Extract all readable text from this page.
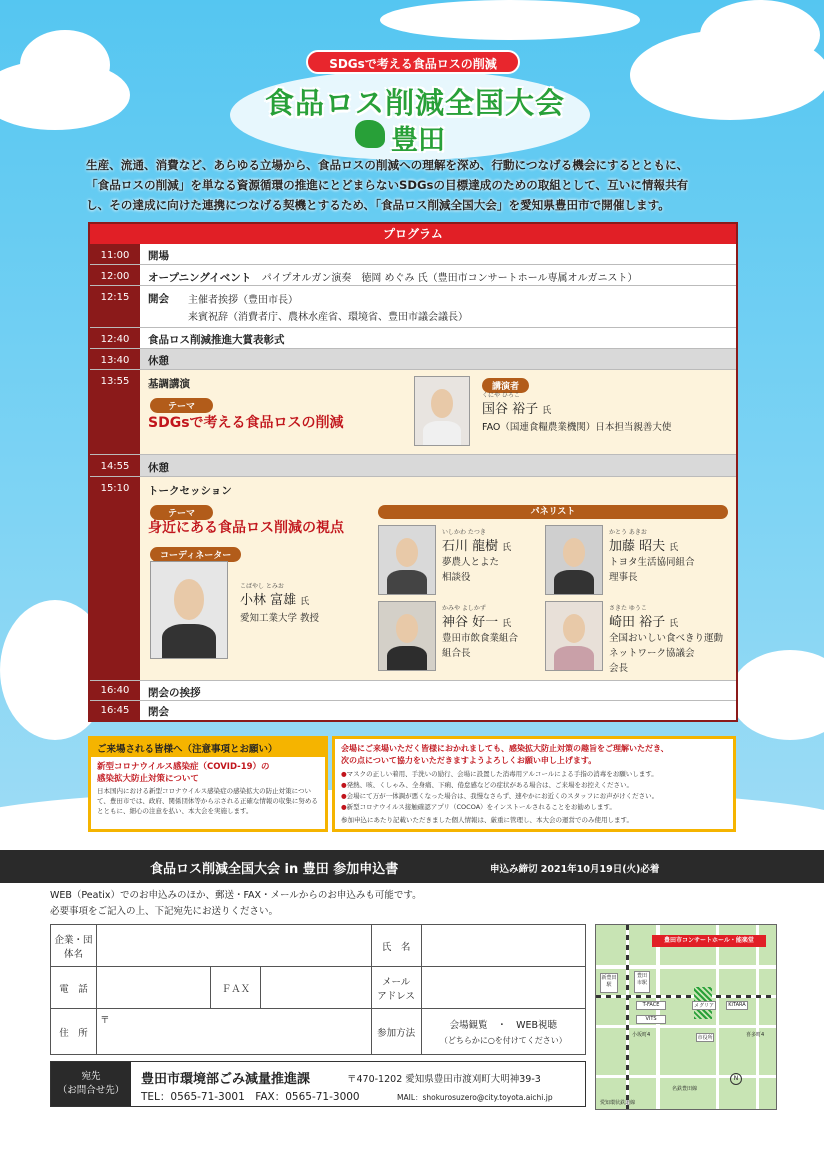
SDGsで考える食品ロスの削減
食品ロス削減全国大会
豊田
生産、流通、消費など、あらゆる立場から、食品ロスの削減への理解を深め、行動につなげる機会にするとともに、
「食品ロスの削減」を単なる資源循環の推進にとどまらないSDGsの目標達成のための取組として、互いに情報共有
し、その達成に向けた連携につなげる契機とするため、「食品ロス削減全国大会」を愛知県豊田市で開催します。
プログラム
11:00	開場
12:00	オープニングイベント　 パイプオルガン演奏　徳岡 めぐみ 氏（豊田市コンサートホール専属オルガニスト）
12:15	開会 主催者挨拶（豊田市長）
来賓祝辞（消費者庁、農林水産省、環境省、豊田市議会議長）
12:40	食品ロス削減推進大賞表彰式
13:40	休憩
13:55	基調講演
テーマ
SDGsで考える食品ロスの削減
講演者
くにや ひろこ
国谷 裕子 氏
FAO（国連食糧農業機関）日本担当親善大使
14:55	休憩
15:10	トークセッション
テーマ
身近にある食品ロス削減の視点
コーディネーター
こばやし とみお
小林 富雄 氏
愛知工業大学 教授
パネリスト
いしかわ たつき
石川 龍樹 氏
夢農人とよた
相談役
かとう あきお
加藤 昭夫 氏
トヨタ生活協同組合
理事長
かみや よしかず
神谷 好一 氏
豊田市飲食業組合
組合長
さきた ゆうこ
崎田 裕子 氏
全国おいしい食べきり運動
ネットワーク協議会
会長
16:40	閉会の挨拶
16:45	閉会
ご来場される皆様へ（注意事項とお願い）
新型コロナウイルス感染症（COVID-19）の
感染拡大防止対策について
日本国内における新型コロナウイルス感染症の感染拡大の防止対策について、豊田市では、政府、関係団体等から示される正確な情報の収集に努めるとともに、細心の注意を払い、本大会を実施します。
会場にご来場いただく皆様におかれましても、感染拡大防止対策の趣旨をご理解いただき、
次の点について協力をいただきますようよろしくお願い申し上げます。
●マスクの正しい着用、手洗いの励行、会場に設置した消毒用アルコールによる手指の消毒をお願いします。
●発熱、咳、くしゃみ、全身痛、下痢、倦怠感などの症状がある場合は、ご来場をお控えください。
●会場にて万が一体調が悪くなった場合は、我慢なさらず、速やかにお近くのスタッフにお声がけください。
●新型コロナウイルス接触確認アプリ（COCOA）をインストールされることをお勧めします。
参加申込にあたり記載いただきました個人情報は、厳重に管理し、本大会の運営でのみ使用します。
食品ロス削減全国大会 in 豊田 参加申込書	申込み締切 2021年10月19日(火)必着
WEB（Peatix）でのお申込みのほか、郵送・FAX・メールからのお申込みも可能です。
必要事項をご記入の上、下記宛先にお送りください。
企業・団体名				氏　名	
電　話		ＦＡＸ		メール
アドレス	

住　所	〒			参加方法	会場観覧　・　WEB視聴
（どちらかに○を付けてください）
宛先
（お問合せ先）
豊田市環境部ごみ減量推進課	〒470-1202 愛知県豊田市渡刈町大明神39-3
TEL：0565-71-3001　FAX：0565-71-3000	MAIL：shokurosuzero@city.toyota.aichi.jp
豊田市コンサートホール・能楽堂
新豊田駅
豊田市駅
T-FACE
VITS
KiTARA
メグリア
市役所
小坂町4	喜多町4
名鉄豊田線
愛知環状鉄道線
N
